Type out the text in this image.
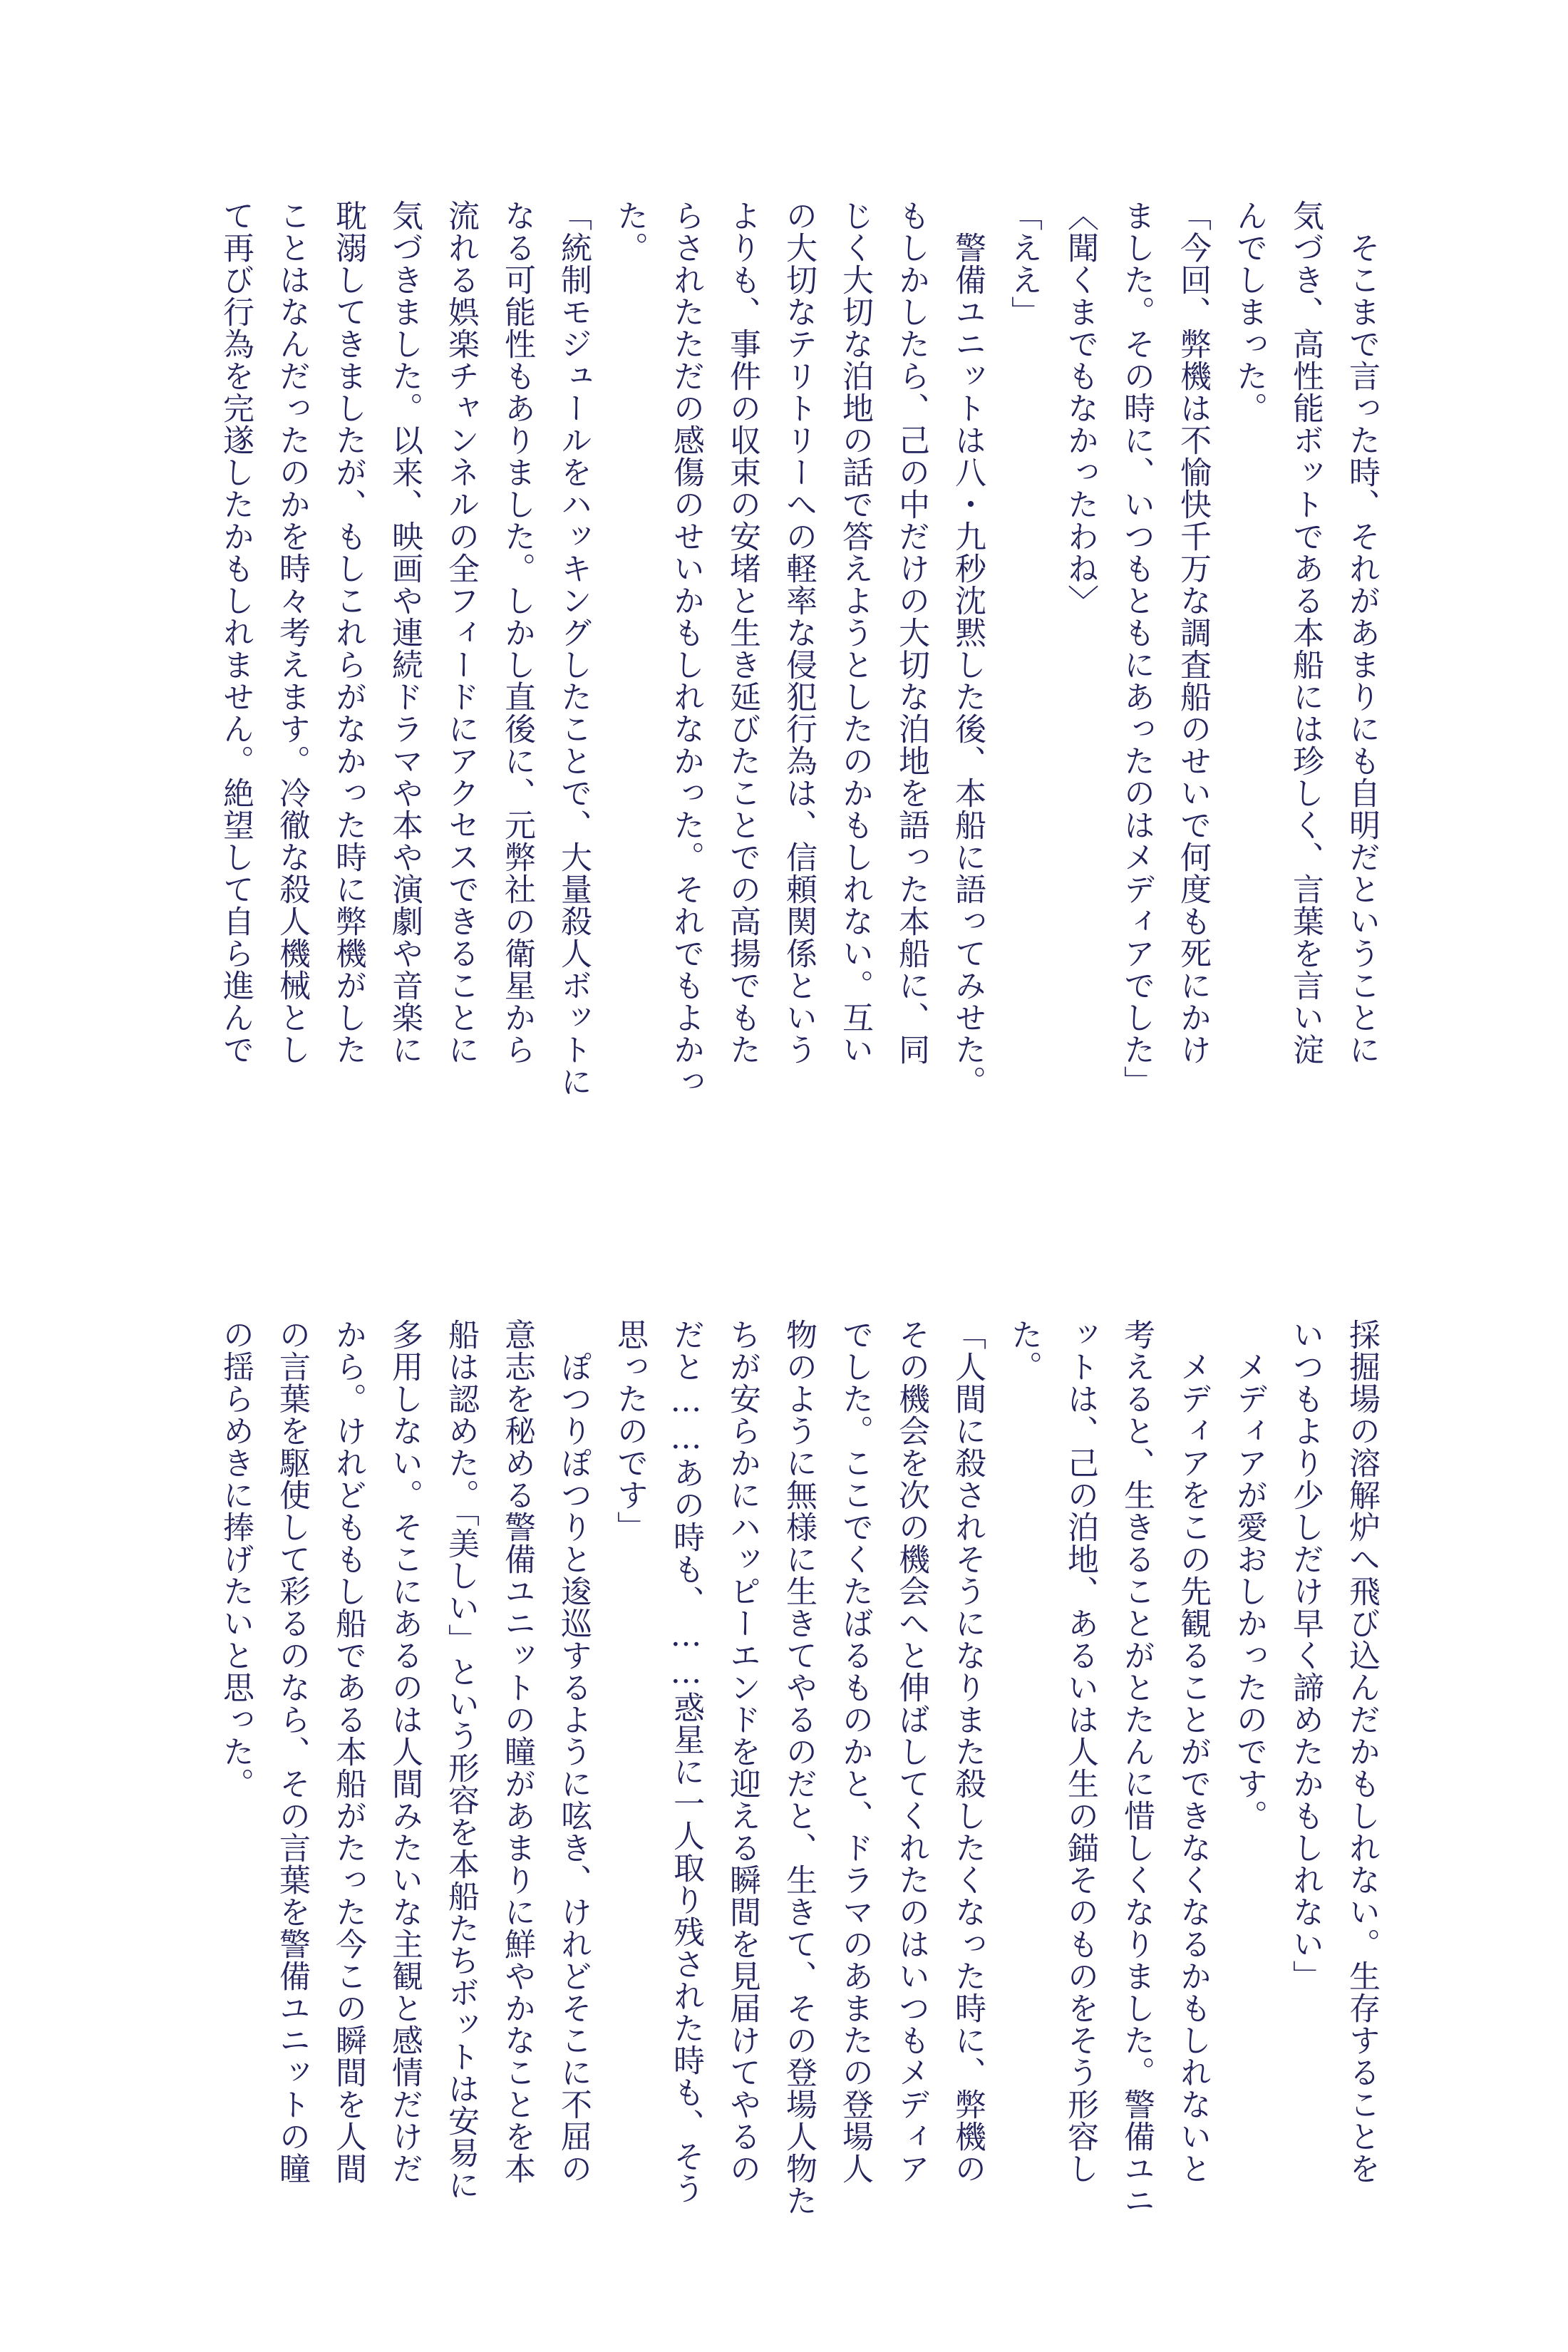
　そこまで言った時、それがあまりにも自明だということに
気づき、高性能ボットである本船には珍しく、言葉を言い淀
んでしまった。
「今回、弊機は不愉快千万な調査船のせいで何度も死にかけ
ました。その時に、いつもともにあったのはメディアでした」
〈聞くまでもなかったわね〉
「ええ」
　警備ユニットは八・九秒沈黙した後、本船に語ってみせた。
もしかしたら、己の中だけの大切な泊地を語った本船に、同
じく大切な泊地の話で答えようとしたのかもしれない。互い
の大切なテリトリーへの軽率な侵犯行為は、信頼関係という
よりも、事件の収束の安堵と生き延びたことでの高揚でもた
らされたただの感傷のせいかもしれなかった。それでもよかっ
た。
「統制モジュールをハッキングしたことで、大量殺人ボットに
なる可能性もありました。しかし直後に、元弊社の衛星から
流れる娯楽チャンネルの全フィードにアクセスできることに
気づきました。以来、映画や連続ドラマや本や演劇や音楽に
耽溺してきましたが、もしこれらがなかった時に弊機がした
ことはなんだったのかを時々考えます。冷徹な殺人機械とし
て再び行為を完遂したかもしれません。絶望して自ら進んで
採掘場の溶解炉へ飛び込んだかもしれない。生存することを
いつもより少しだけ早く諦めたかもしれない」
　メディアが愛おしかったのです。
　メディアをこの先観ることができなくなるかもしれないと
考えると、生きることがとたんに惜しくなりました。警備ユニ
ットは、己の泊地、あるいは人生の錨そのものをそう形容し
た。
「人間に殺されそうになりまた殺したくなった時に、弊機の
その機会を次の機会へと伸ばしてくれたのはいつもメディア
でした。ここでくたばるものかと、ドラマのあまたの登場人
物のように無様に生きてやるのだと、生きて、その登場人物た
ちが安らかにハッピーエンドを迎える瞬間を見届けてやるの
だと……あの時も、……惑星に一人取り残された時も、そう
思ったのです」
　ぽつりぽつりと逡巡するように呟き、けれどそこに不屈の
意志を秘める警備ユニットの瞳があまりに鮮やかなことを本
船は認めた。「美しい」という形容を本船たちボットは安易に
多用しない。そこにあるのは人間みたいな主観と感情だけだ
から。けれどももし船である本船がたった今この瞬間を人間
の言葉を駆使して彩るのなら、その言葉を警備ユニットの瞳
の揺らめきに捧げたいと思った。
